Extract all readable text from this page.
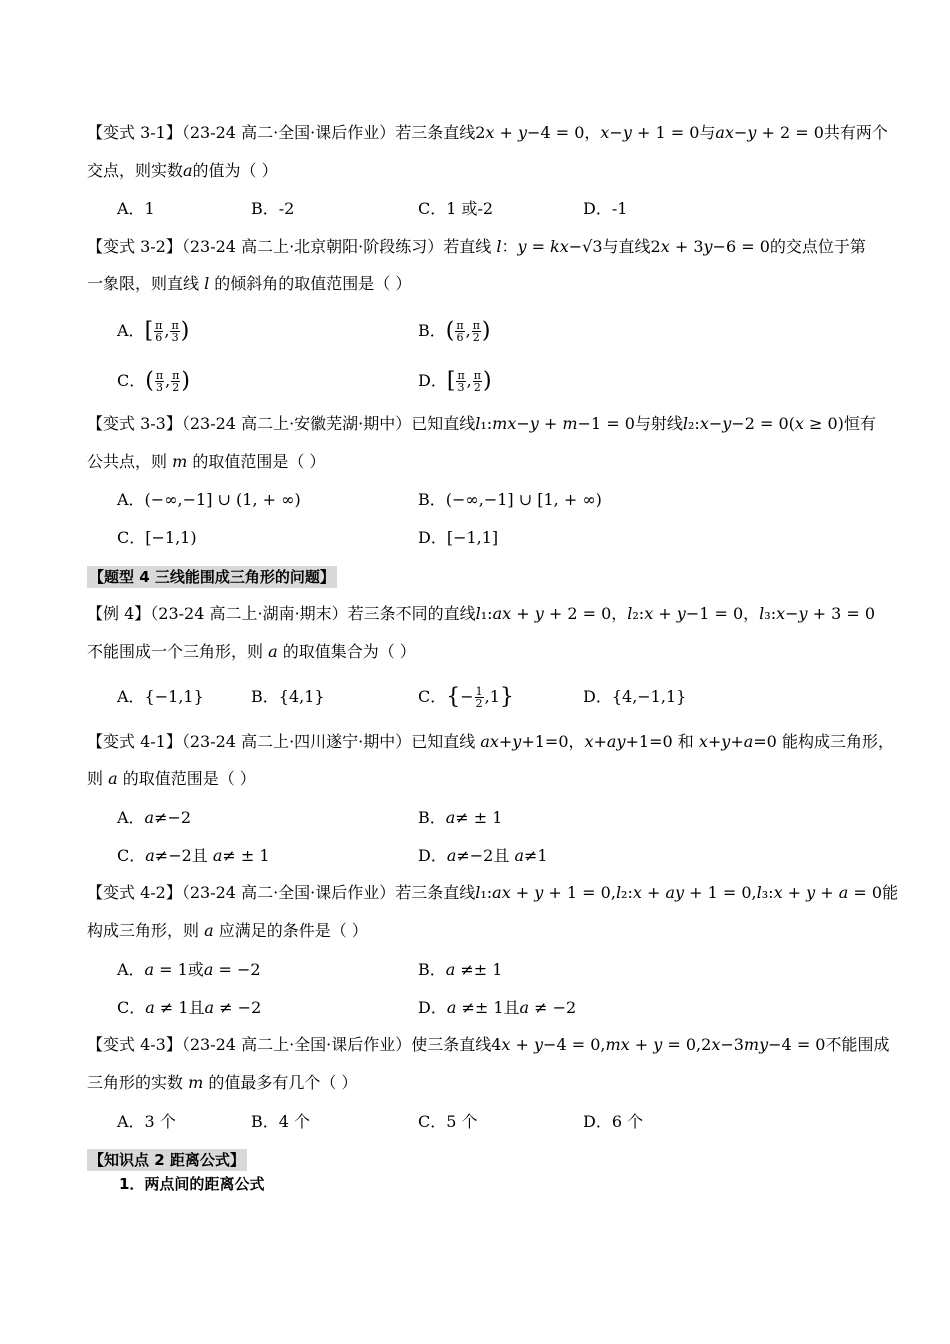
【变式 3-1】（23-24 高二·全国·课后作业）若三条直线2𝑥 + 𝑦−4 = 0，𝑥−𝑦 + 1 = 0与𝑎𝑥−𝑦 + 2 = 0共有两个
交点，则实数𝑎的值为（ ）
A．1	B．-2	C．1 或-2	D．-1
【变式 3-2】（23-24 高二上·北京朝阳·阶段练习）若直线 𝑙：𝑦 = 𝑘𝑥−√3与直线2𝑥 + 3𝑦−6 = 0的交点位于第
一象限，则直线 𝑙 的倾斜角的取值范围是（ ）
A．[ $\frac{\pi}{6}$ , $\frac{\pi}{3}$ )	B．( $\frac{\pi}{6}$ , $\frac{\pi}{2}$ )
C．( $\frac{\pi}{3}$ , $\frac{\pi}{2}$ )	D．[ $\frac{\pi}{3}$ , $\frac{\pi}{2}$ )
【变式 3-3】（23-24 高二上·安徽芜湖·期中）已知直线𝑙₁:𝑚𝑥−𝑦 + 𝑚−1 = 0与射线𝑙₂:𝑥−𝑦−2 = 0(𝑥 ≥ 0)恒有
公共点，则 𝑚 的取值范围是（ ）
A．(−∞,−1] ∪ (1, + ∞)	B．(−∞,−1] ∪ [1, + ∞)
C．[−1,1)	D．[−1,1]
【题型 4 三线能围成三角形的问题】
【例 4】（23-24 高二上·湖南·期末）若三条不同的直线𝑙₁:𝑎𝑥 + 𝑦 + 2 = 0，𝑙₂:𝑥 + 𝑦−1 = 0，𝑙₃:𝑥−𝑦 + 3 = 0
不能围成一个三角形，则 𝑎 的取值集合为（ ）
A．{−1,1}	B．{4,1}	C．{− $\frac{1}{2} ,1$}	D．{4,−1,1}
【变式 4-1】（23-24 高二上·四川遂宁·期中）已知直线 𝑎𝑥+𝑦+1=0，𝑥+𝑎𝑦+1=0 和 𝑥+𝑦+𝑎=0 能构成三角形，
则 𝑎 的取值范围是（ ）
A．𝑎≠−2	B．𝑎≠ ± 1
C．𝑎≠−2且 𝑎≠ ± 1	D．𝑎≠−2且 𝑎≠1
【变式 4-2】（23-24 高二·全国·课后作业）若三条直线𝑙₁:𝑎𝑥 + 𝑦 + 1 = 0,𝑙₂:𝑥 + 𝑎𝑦 + 1 = 0,𝑙₃:𝑥 + 𝑦 + 𝑎 = 0能
构成三角形，则 𝑎 应满足的条件是（ ）
A．𝑎 = 1或𝑎 = −2	B．𝑎 ≠± 1
C．𝑎 ≠ 1且𝑎 ≠ −2	D．𝑎 ≠± 1且𝑎 ≠ −2
【变式 4-3】（23-24 高二上·全国·课后作业）使三条直线4𝑥 + 𝑦−4 = 0,𝑚𝑥 + 𝑦 = 0,2𝑥−3𝑚𝑦−4 = 0不能围成
三角形的实数 𝑚 的值最多有几个（ ）
A．3 个	B．4 个	C．5 个	D．6 个
【知识点 2 距离公式】
1．两点间的距离公式
